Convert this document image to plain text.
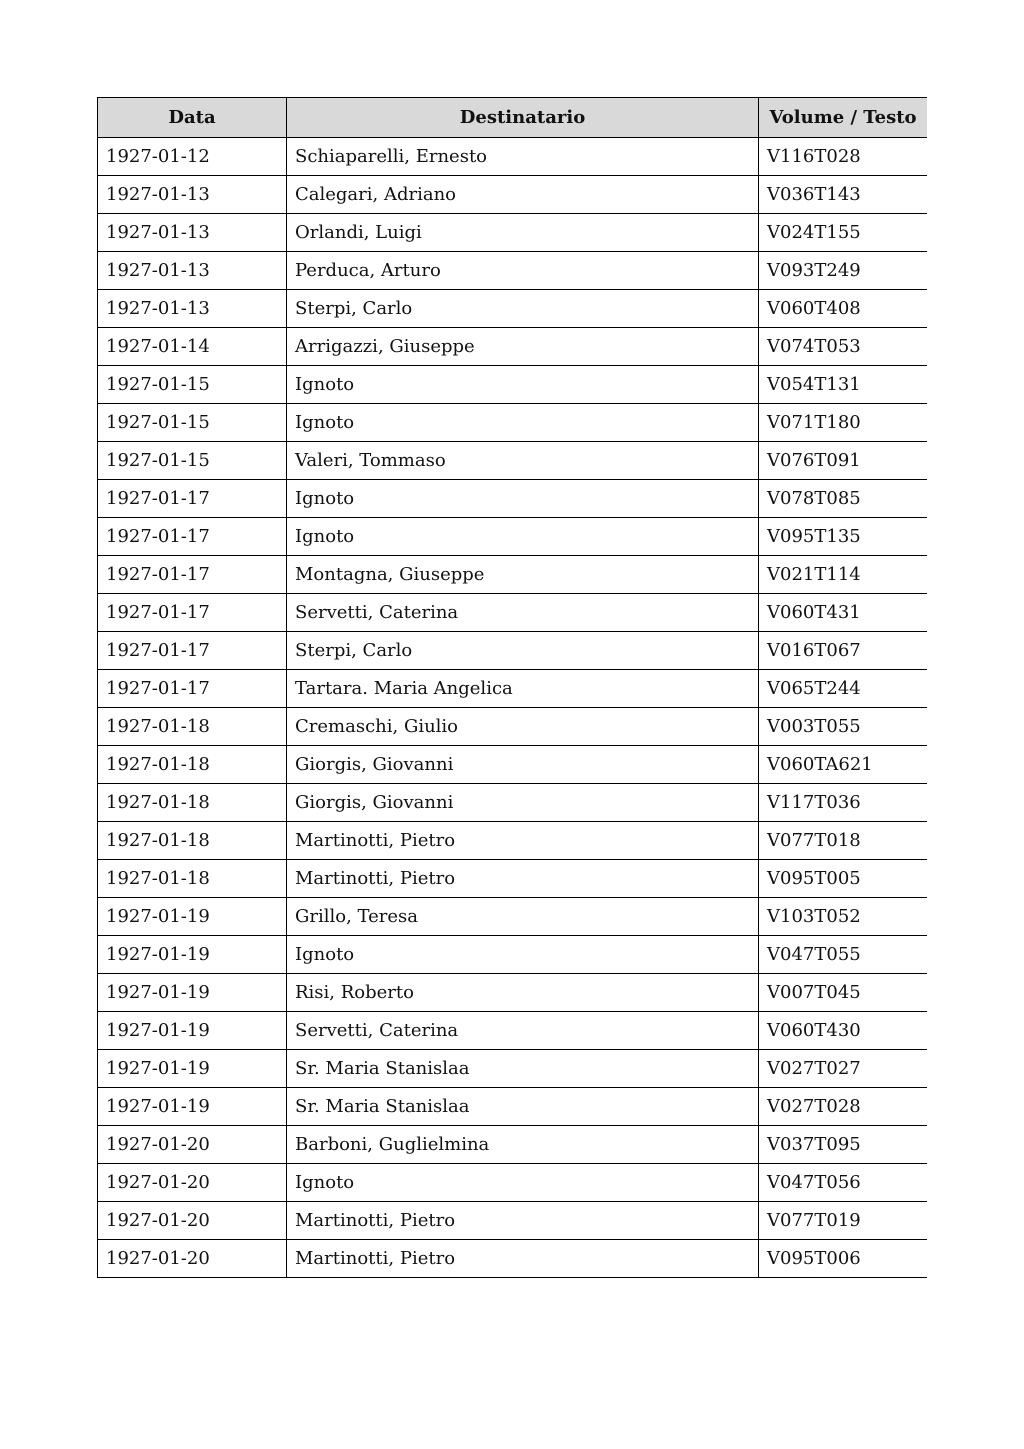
Data	Destinatario	Volume / Testo
1927-01-12	Schiaparelli, Ernesto	V116T028
1927-01-13	Calegari, Adriano	V036T143
1927-01-13	Orlandi, Luigi	V024T155
1927-01-13	Perduca, Arturo	V093T249
1927-01-13	Sterpi, Carlo	V060T408
1927-01-14	Arrigazzi, Giuseppe	V074T053
1927-01-15	Ignoto	V054T131
1927-01-15	Ignoto	V071T180
1927-01-15	Valeri, Tommaso	V076T091
1927-01-17	Ignoto	V078T085
1927-01-17	Ignoto	V095T135
1927-01-17	Montagna, Giuseppe	V021T114
1927-01-17	Servetti, Caterina	V060T431
1927-01-17	Sterpi, Carlo	V016T067
1927-01-17	Tartara. Maria Angelica	V065T244
1927-01-18	Cremaschi, Giulio	V003T055
1927-01-18	Giorgis, Giovanni	V060TA621
1927-01-18	Giorgis, Giovanni	V117T036
1927-01-18	Martinotti, Pietro	V077T018
1927-01-18	Martinotti, Pietro	V095T005
1927-01-19	Grillo, Teresa	V103T052
1927-01-19	Ignoto	V047T055
1927-01-19	Risi, Roberto	V007T045
1927-01-19	Servetti, Caterina	V060T430
1927-01-19	Sr. Maria Stanislaa	V027T027
1927-01-19	Sr. Maria Stanislaa	V027T028
1927-01-20	Barboni, Guglielmina	V037T095
1927-01-20	Ignoto	V047T056
1927-01-20	Martinotti, Pietro	V077T019
1927-01-20	Martinotti, Pietro	V095T006
